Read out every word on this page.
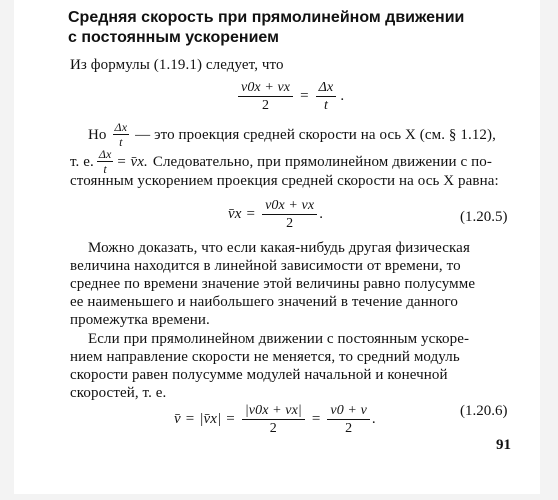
Средняя скорость при прямолинейном движении
с постоянным ускорением
Из формулы (1.19.1) следует, что
$\frac{v0x + vx}{2} = \frac{\Delta x}{t}$ .
Но $\frac{\Delta x}{t}$ — это проекция средней скорости на ось X (см. § 1.12),
т. е. $\frac{\Delta x}{t}$ = v̄x. Следовательно, при прямолинейном движении с по-
стоянным ускорением проекция средней скорости на ось X равна:
v̄x = $\frac{v0x + vx}{2}$ .	(1.20.5)
Можно доказать, что если какая-нибудь другая физическая
величина находится в линейной зависимости от времени, то
среднее по времени значение этой величины равно полусумме
ее наименьшего и наибольшего значений в течение данного
промежутка времени.
Если при прямолинейном движении с постоянным ускоре-
нием направление скорости не меняется, то средний модуль
скорости равен полусумме модулей начальной и конечной
скоростей, т. е.
v̄ = |v̄x| = $\frac{|v0x + vx|}{2} = \frac{v0 + v}{2}$ .	(1.20.6)
91
